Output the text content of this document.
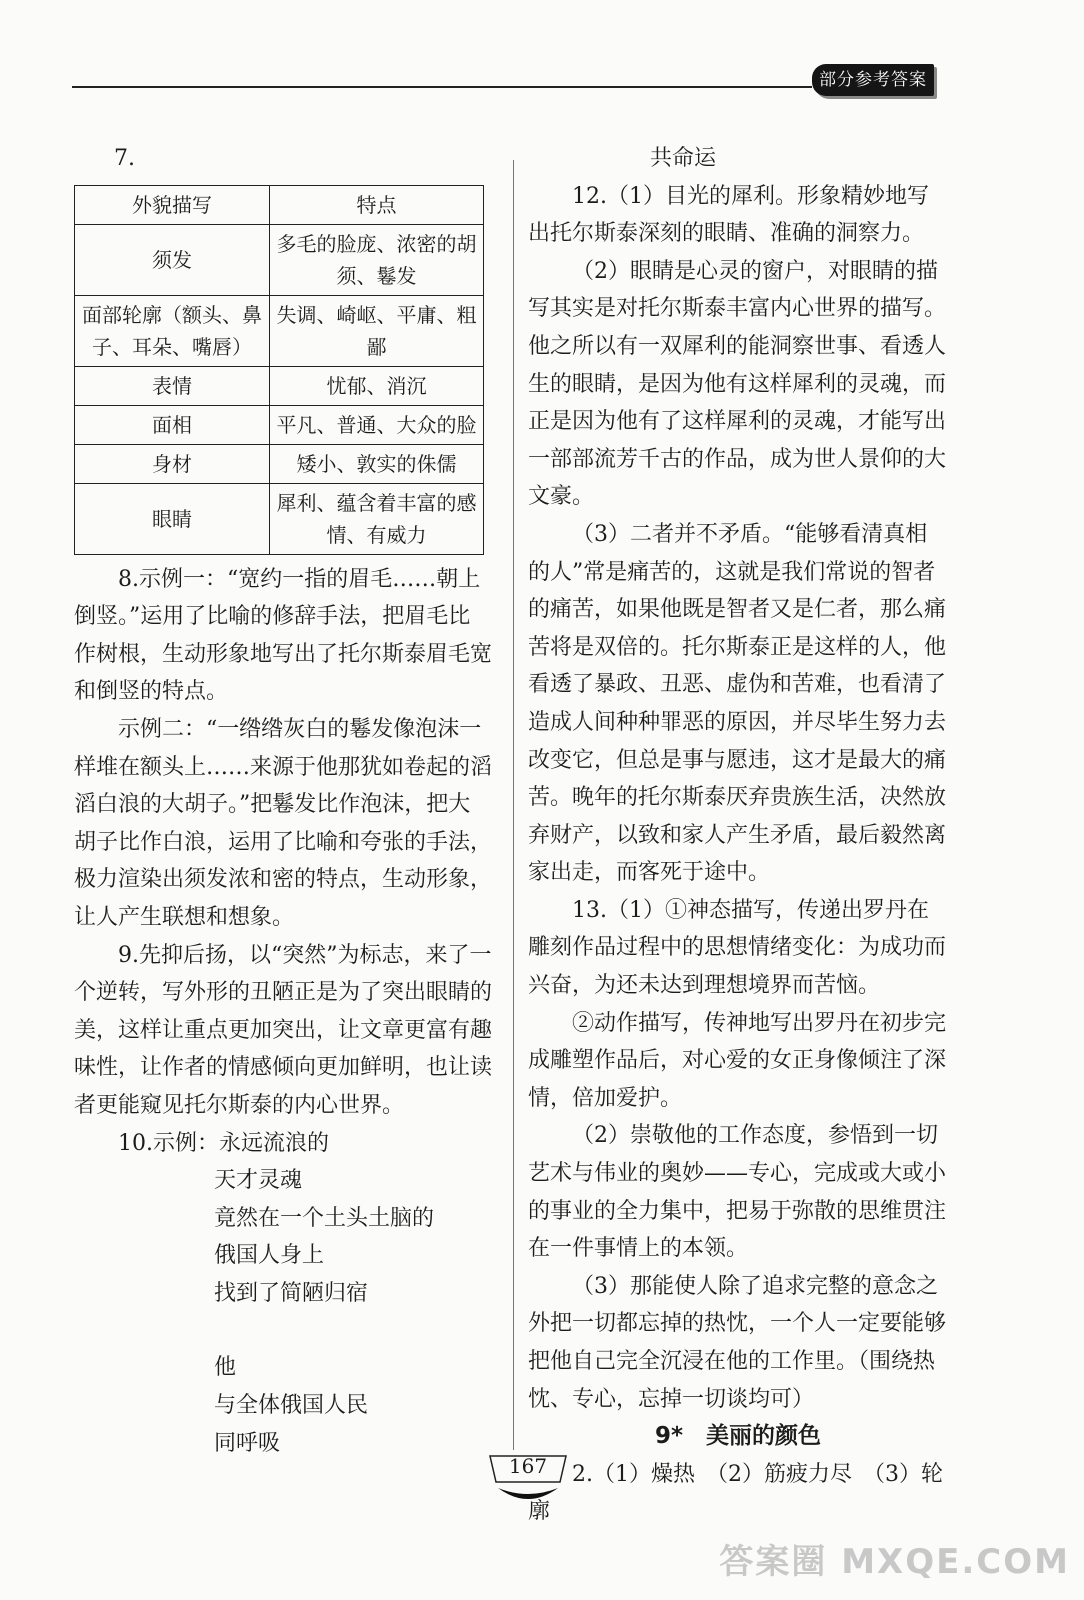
部分参考答案

7.

外貌描写	特点
须发	多毛的脸庞、浓密的胡须、鬈发
面部轮廓（额头、鼻子、耳朵、嘴唇）	失调、崎岖、平庸、粗鄙
表情	忧郁、消沉
面相	平凡、普通、大众的脸
身材	矮小、敦实的侏儒
眼睛	犀利、蕴含着丰富的感情、有威力

8.示例一：“宽约一指的眉毛……朝上倒竖。”运用了比喻的修辞手法，把眉毛比作树根，生动形象地写出了托尔斯泰眉毛宽和倒竖的特点。

示例二：“一绺绺灰白的鬈发像泡沫一样堆在额头上……来源于他那犹如卷起的滔滔白浪的大胡子。”把鬈发比作泡沫，把大胡子比作白浪，运用了比喻和夸张的手法，极力渲染出须发浓和密的特点，生动形象，让人产生联想和想象。

9.先抑后扬，以“突然”为标志，来了一个逆转，写外形的丑陋正是为了突出眼睛的美，这样让重点更加突出，让文章更富有趣味性，让作者的情感倾向更加鲜明，也让读者更能窥见托尔斯泰的内心世界。

10.示例：永远流浪的

天才灵魂

竟然在一个土头土脑的

俄国人身上

找到了简陋归宿

他

与全体俄国人民

同呼吸

共命运

12.（1）目光的犀利。形象精妙地写出托尔斯泰深刻的眼睛、准确的洞察力。

（2）眼睛是心灵的窗户，对眼睛的描写其实是对托尔斯泰丰富内心世界的描写。他之所以有一双犀利的能洞察世事、看透人生的眼睛，是因为他有这样犀利的灵魂，而正是因为他有了这样犀利的灵魂，才能写出一部部流芳千古的作品，成为世人景仰的大文豪。

（3）二者并不矛盾。“能够看清真相的人”常是痛苦的，这就是我们常说的智者的痛苦，如果他既是智者又是仁者，那么痛苦将是双倍的。托尔斯泰正是这样的人，他看透了暴政、丑恶、虚伪和苦难，也看清了造成人间种种罪恶的原因，并尽毕生努力去改变它，但总是事与愿违，这才是最大的痛苦。晚年的托尔斯泰厌弃贵族生活，决然放弃财产，以致和家人产生矛盾，最后毅然离家出走，而客死于途中。

13.（1）①神态描写，传递出罗丹在雕刻作品过程中的思想情绪变化：为成功而兴奋，为还未达到理想境界而苦恼。

②动作描写，传神地写出罗丹在初步完成雕塑作品后，对心爱的女正身像倾注了深情，倍加爱护。

（2）崇敬他的工作态度，参悟到一切艺术与伟业的奥妙——专心，完成或大或小的事业的全力集中，把易于弥散的思维贯注在一件事情上的本领。

（3）那能使人除了追求完整的意念之外把一切都忘掉的热忱，一个人一定要能够把他自己完全沉浸在他的工作里。（围绕热忱、专心，忘掉一切谈均可）

9*　美丽的颜色

2.（1）燥热　（2）筋疲力尽　（3）轮廓

167
答案圈 MXQE.COM
